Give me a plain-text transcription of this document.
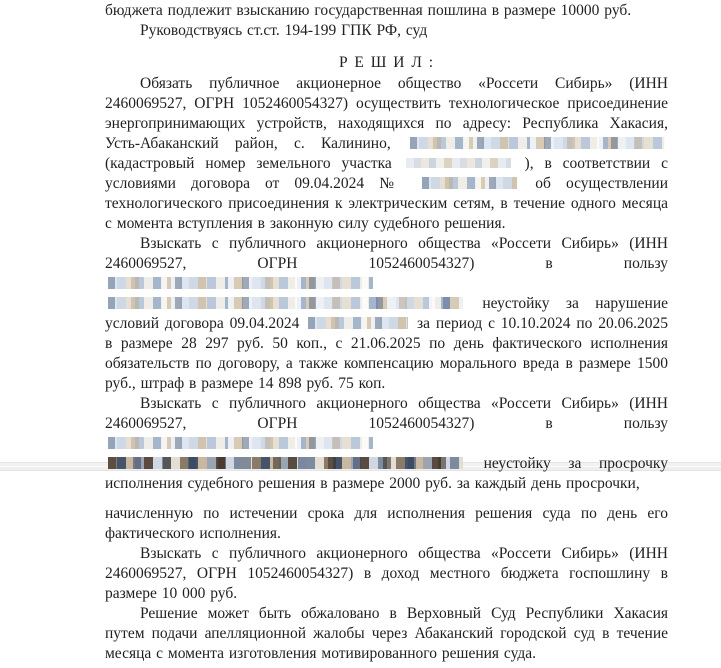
бюджета подлежит взысканию государственная пошлина в размере 10000 руб.

Руководствуясь ст.ст. 194-199 ГПК РФ, суд

Р Е Ш И Л :

Обязать публичное акционерное общество «Россети Сибирь» (ИНН 2460069527, ОГРН 1052460054327) осуществить технологическое присоединение энергопринимающих устройств, находящихся по адресу: Республика Хакасия, Усть-Абаканский район, с. Калинино,  (кадастровый номер земельного участка	), в соответствии с условиями договора от 09.04.2024 №	об осуществлении технологического присоединения к электрическим сетям, в течение одного месяца с момента вступления в законную силу судебного решения.

Взыскать с публичного акционерного общества «Россети Сибирь» (ИНН 2460069527, ОГРН 1052460054327) в пользу   неустойку за нарушение условий договора 09.04.2024	за период с 10.10.2024 по 20.06.2025 в размере 28 297 руб. 50 коп., с 21.06.2025 по день фактического исполнения обязательств по договору, а также компенсацию морального вреда в размере 1500 руб., штраф в размере 14 898 руб. 75 коп.

Взыскать с публичного акционерного общества «Россети Сибирь» (ИНН 2460069527, ОГРН 1052460054327) в пользу   неустойку за просрочку исполнения судебного решения в размере 2000 руб. за каждый день просрочки,

начисленную по истечении срока для исполнения решения суда по день его фактического исполнения.

Взыскать с публичного акционерного общества «Россети Сибирь» (ИНН 2460069527, ОГРН 1052460054327) в доход местного бюджета госпошлину в размере 10 000 руб.

Решение может быть обжаловано в Верховный Суд Республики Хакасия путем подачи апелляционной жалобы через Абаканский городской суд в течение месяца с момента изготовления мотивированного решения суда.
